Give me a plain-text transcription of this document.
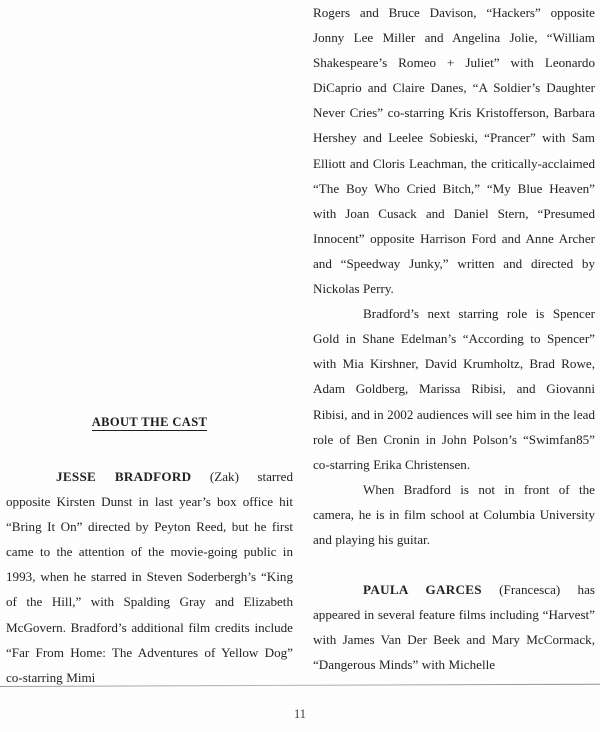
ABOUT THE CAST

JESSE BRADFORD (Zak) starred opposite Kirsten Dunst in last year’s box office hit “Bring It On” directed by Peyton Reed, but he first came to the attention of the movie-going public in 1993, when he starred in Steven Soderbergh’s “King of the Hill,” with Spalding Gray and Elizabeth McGovern. Bradford’s additional film credits include “Far From Home: The Adventures of Yellow Dog” co-starring Mimi

Rogers and Bruce Davison, “Hackers” opposite Jonny Lee Miller and Angelina Jolie, “William Shakespeare’s Romeo + Juliet” with Leonardo DiCaprio and Claire Danes, “A Soldier’s Daughter Never Cries” co-starring Kris Kristofferson, Barbara Hershey and Leelee Sobieski, “Prancer” with Sam Elliott and Cloris Leachman, the critically-acclaimed “The Boy Who Cried Bitch,” “My Blue Heaven” with Joan Cusack and Daniel Stern, “Presumed Innocent” opposite Harrison Ford and Anne Archer and “Speedway Junky,” written and directed by Nickolas Perry.

Bradford’s next starring role is Spencer Gold in Shane Edelman’s “According to Spencer” with Mia Kirshner, David Krumholtz, Brad Rowe, Adam Goldberg, Marissa Ribisi, and Giovanni Ribisi, and in 2002 audiences will see him in the lead role of Ben Cronin in John Polson’s “Swimfan85” co-starring Erika Christensen.

When Bradford is not in front of the camera, he is in film school at Columbia University and playing his guitar.

PAULA GARCES (Francesca) has appeared in several feature films including “Harvest” with James Van Der Beek and Mary McCormack, “Dangerous Minds” with Michelle

11
